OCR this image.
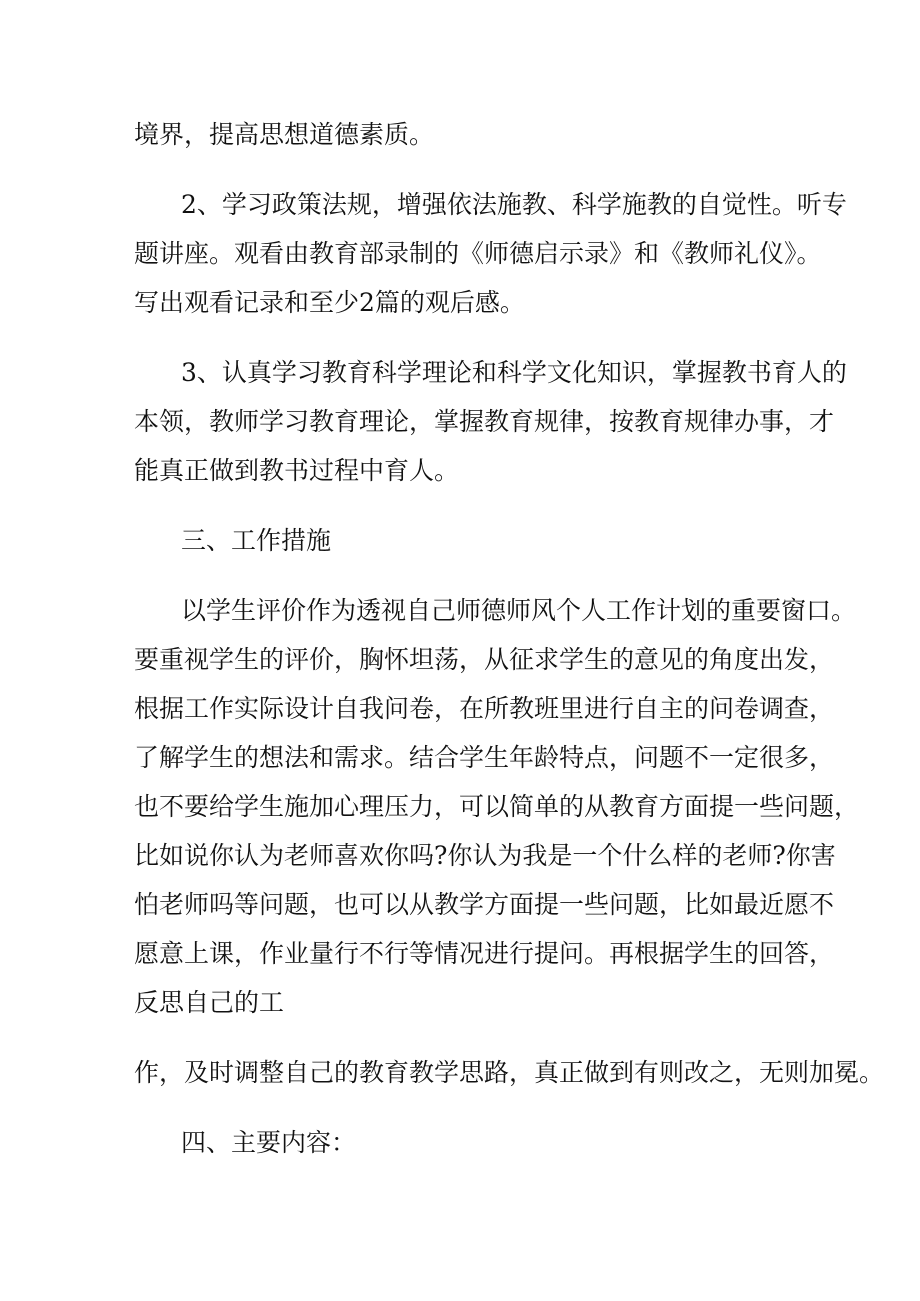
境界，提高思想道德素质。
2、学习政策法规，增强依法施教、科学施教的自觉性。听专
题讲座。观看由教育部录制的《师德启示录》和《教师礼仪》。
写出观看记录和至少2篇的观后感。
3、认真学习教育科学理论和科学文化知识，掌握教书育人的
本领，教师学习教育理论，掌握教育规律，按教育规律办事，才
能真正做到教书过程中育人。
三、工作措施
以学生评价作为透视自己师德师风个人工作计划的重要窗口。
要重视学生的评价，胸怀坦荡，从征求学生的意见的角度出发，
根据工作实际设计自我问卷，在所教班里进行自主的问卷调查，
了解学生的想法和需求。结合学生年龄特点，问题不一定很多，
也不要给学生施加心理压力，可以简单的从教育方面提一些问题，
比如说你认为老师喜欢你吗?你认为我是一个什么样的老师?你害
怕老师吗等问题，也可以从教学方面提一些问题，比如最近愿不
愿意上课，作业量行不行等情况进行提问。再根据学生的回答，
反思自己的工
作，及时调整自己的教育教学思路，真正做到有则改之，无则加冕。
四、主要内容：
